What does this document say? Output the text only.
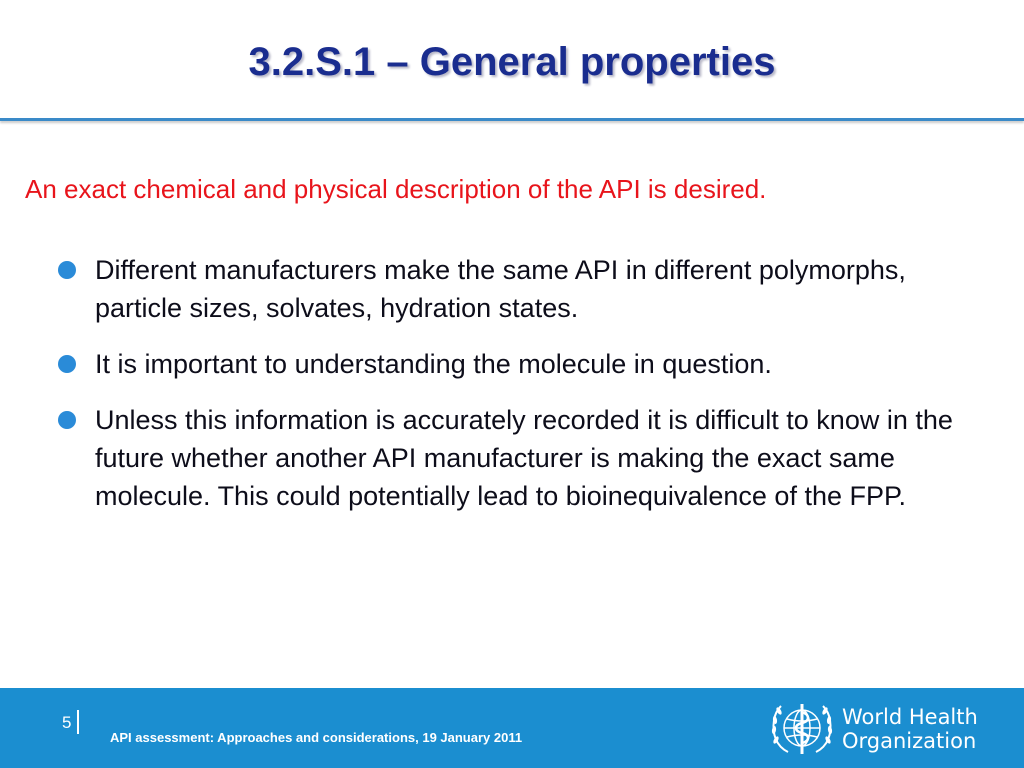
3.2.S.1 – General properties

An exact chemical and physical description of the API is desired.

Different manufacturers make the same API in different polymorphs, particle sizes, solvates, hydration states.
It is important to understanding the molecule in question.
Unless this information is accurately recorded it is difficult to know in the future whether another API manufacturer is making the exact same molecule. This could potentially lead to bioinequivalence of the FPP.
5
API assessment: Approaches and considerations, 19 January 2011
World Health
Organization
